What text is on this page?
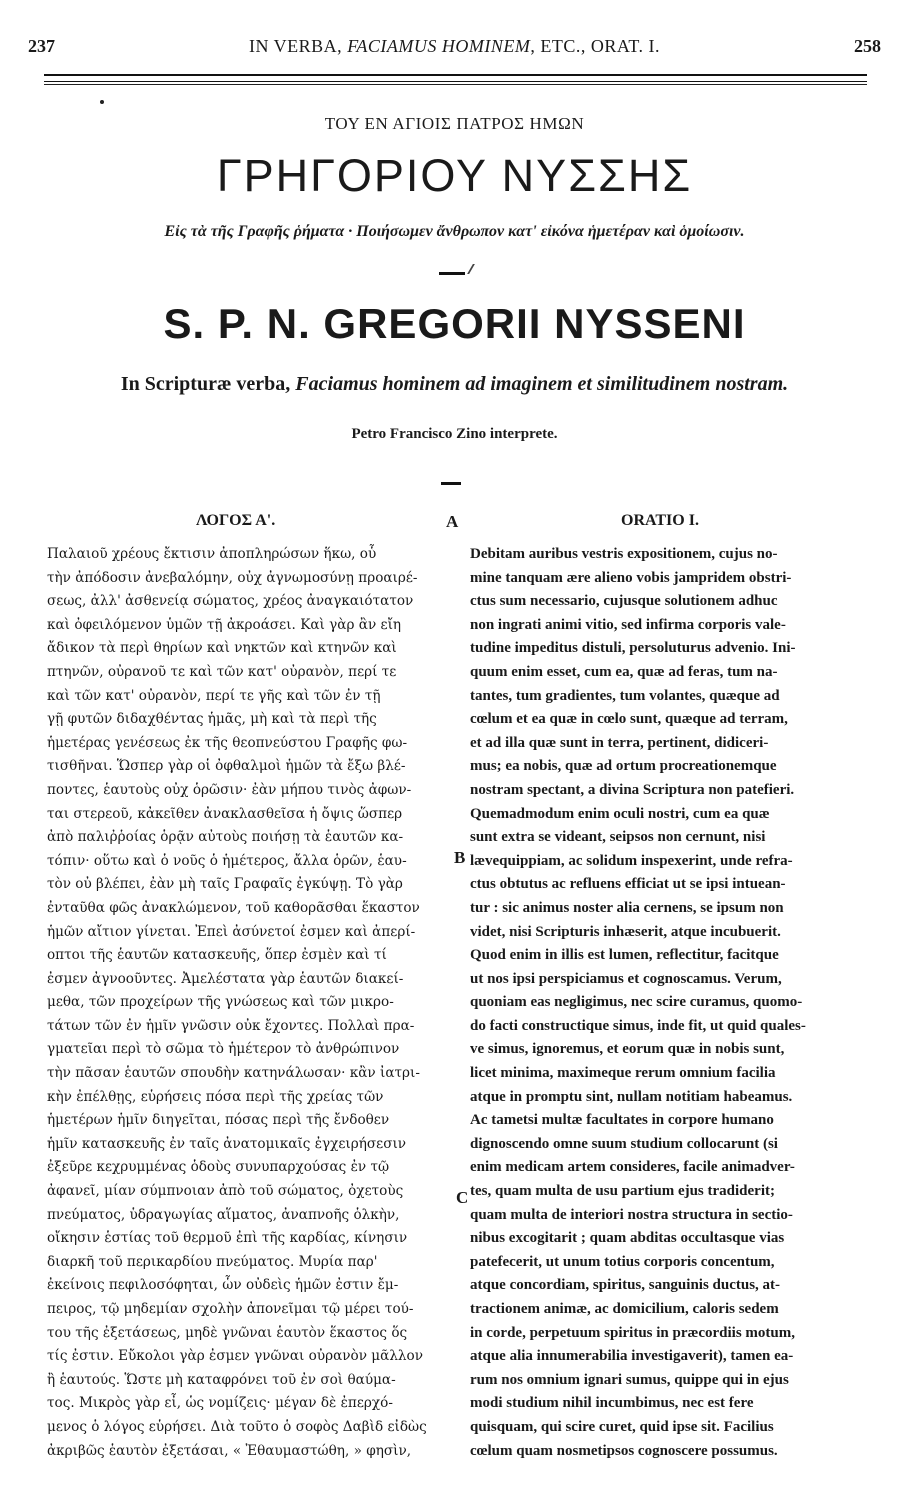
237	IN VERBA, FACIAMUS HOMINEM, ETC., ORAT. I.	258
ΤΟΥ ΕΝ ΑΓΙΟΙΣ ΠΑΤΡΟΣ ΗΜΩΝ
ΓΡΗΓΟΡΙΟΥ ΝΥΣΣΗΣ
Εἰς τὰ τῆς Γραφῆς ῥήματα · Ποιήσωμεν ἄνθρωπον κατ' εἰκόνα ἡμετέραν καὶ ὁμοίωσιν.
S. P. N. GREGORII NYSSENI
In Scripturæ verba, Faciamus hominem ad imaginem et similitudinem nostram.
Petro Francisco Zino interprete.
ΛΟΓΟΣ Α'.	ORATIO I.
A
B
C
Παλαιοῦ χρέους ἔκτισιν ἀποπληρώσων ἥκω, οὗ
τὴν ἀπόδοσιν ἀνεβαλόμην, οὐχ ἀγνωμοσύνῃ προαιρέ-
σεως, ἀλλ' ἀσθενείᾳ σώματος, χρέος ἀναγκαιότατον
καὶ ὀφειλόμενον ὑμῶν τῇ ἀκροάσει. Καὶ γὰρ ἂν εἴη
ἄδικον τὰ περὶ θηρίων καὶ νηκτῶν καὶ κτηνῶν καὶ
πτηνῶν, οὐρανοῦ τε καὶ τῶν κατ' οὐρανὸν, περί τε
καὶ τῶν κατ' οὐρανὸν, περί τε γῆς καὶ τῶν ἐν τῇ
γῇ φυτῶν διδαχθέντας ἡμᾶς, μὴ καὶ τὰ περὶ τῆς
ἡμετέρας γενέσεως ἐκ τῆς θεοπνεύστου Γραφῆς φω-
τισθῆναι. Ὥσπερ γὰρ οἱ ὀφθαλμοὶ ἡμῶν τὰ ἔξω βλέ-
ποντες, ἑαυτοὺς οὐχ ὁρῶσιν· ἐὰν μήπου τινὸς ἀφων-
ται στερεοῦ, κἀκεῖθεν ἀνακλασθεῖσα ἡ ὄψις ὥσπερ
ἀπὸ παλιῤῥοίας ὁρᾷν αὐτοὺς ποιήσῃ τὰ ἑαυτῶν κα-
τόπιν· οὕτω καὶ ὁ νοῦς ὁ ἡμέτερος, ἄλλα ὁρῶν, ἑαυ-
τὸν οὐ βλέπει, ἐὰν μὴ ταῖς Γραφαῖς ἐγκύψῃ. Τὸ γὰρ
ἐνταῦθα φῶς ἀνακλώμενον, τοῦ καθορᾶσθαι ἕκαστον
ἡμῶν αἴτιον γίνεται. Ἐπεὶ ἀσύνετοί ἐσμεν καὶ ἀπερί-
οπτοι τῆς ἑαυτῶν κατασκευῆς, ὅπερ ἐσμὲν καὶ τί
ἐσμεν ἀγνοοῦντες. Ἀμελέστατα γὰρ ἑαυτῶν διακεί-
μεθα, τῶν προχείρων τῆς γνώσεως καὶ τῶν μικρο-
τάτων τῶν ἐν ἡμῖν γνῶσιν οὐκ ἔχοντες. Πολλαὶ πρα-
γματεῖαι περὶ τὸ σῶμα τὸ ἡμέτερον τὸ ἀνθρώπινον
τὴν πᾶσαν ἑαυτῶν σπουδὴν κατηνάλωσαν· κἂν ἰατρι-
κὴν ἐπέλθῃς, εὑρήσεις πόσα περὶ τῆς χρείας τῶν
ἡμετέρων ἡμῖν διηγεῖται, πόσας περὶ τῆς ἔνδοθεν
ἡμῖν κατασκευῆς ἐν ταῖς ἀνατομικαῖς ἐγχειρήσεσιν
ἐξεῦρε κεχρυμμένας ὁδοὺς συνυπαρχούσας ἐν τῷ
ἀφανεῖ, μίαν σύμπνοιαν ἀπὸ τοῦ σώματος, ὀχετοὺς
πνεύματος, ὑδραγωγίας αἵματος, ἀναπνοῆς ὁλκὴν,
οἴκησιν ἑστίας τοῦ θερμοῦ ἐπὶ τῆς καρδίας, κίνησιν
διαρκῆ τοῦ περικαρδίου πνεύματος. Μυρία παρ'
ἐκείνοις πεφιλοσόφηται, ὧν οὐδεὶς ἡμῶν ἐστιν ἔμ-
πειρος, τῷ μηδεμίαν σχολὴν ἀπονεῖμαι τῷ μέρει τού-
του τῆς ἐξετάσεως, μηδὲ γνῶναι ἑαυτὸν ἕκαστος ὅς
τίς ἐστιν. Εὔκολοι γὰρ ἐσμεν γνῶναι οὐρανὸν μᾶλλον
ἢ ἑαυτούς. Ὥστε μὴ καταφρόνει τοῦ ἐν σοὶ θαύμα-
τος. Μικρὸς γὰρ εἶ, ὡς νομίζεις· μέγαν δὲ ἐπερχό-
μενος ὁ λόγος εὑρήσει. Διὰ τοῦτο ὁ σοφὸς Δαβὶδ εἰδὼς
ἀκριβῶς ἑαυτὸν ἐξετάσαι, « Ἐθαυμαστώθη, » φησὶν,
Debitam auribus vestris expositionem, cujus no-
mine tanquam ære alieno vobis jampridem obstri-
ctus sum necessario, cujusque solutionem adhuc
non ingrati animi vitio, sed infirma corporis vale-
tudine impeditus distuli, persoluturus advenio. Ini-
quum enim esset, cum ea, quæ ad feras, tum na-
tantes, tum gradientes, tum volantes, quæque ad
cœlum et ea quæ in cœlo sunt, quæque ad terram,
et ad illa quæ sunt in terra, pertinent, didiceri-
mus; ea nobis, quæ ad ortum procreationemque
nostram spectant, a divina Scriptura non patefieri.
Quemadmodum enim oculi nostri, cum ea quæ
sunt extra se videant, seipsos non cernunt, nisi
lævequippiam, ac solidum inspexerint, unde refra-
ctus obtutus ac refluens efficiat ut se ipsi intuean-
tur : sic animus noster alia cernens, se ipsum non
videt, nisi Scripturis inhæserit, atque incubuerit.
Quod enim in illis est lumen, reflectitur, facitque
ut nos ipsi perspiciamus et cognoscamus. Verum,
quoniam eas negligimus, nec scire curamus, quomo-
do facti constructique simus, inde fit, ut quid quales-
ve simus, ignoremus, et eorum quæ in nobis sunt,
licet minima, maximeque rerum omnium facilia
atque in promptu sint, nullam notitiam habeamus.
Ac tametsi multæ facultates in corpore humano
dignoscendo omne suum studium collocarunt (si
enim medicam artem consideres, facile animadver-
tes, quam multa de usu partium ejus tradiderit;
quam multa de interiori nostra structura in sectio-
nibus excogitarit ; quam abditas occultasque vias
patefecerit, ut unum totius corporis concentum,
atque concordiam, spiritus, sanguinis ductus, at-
tractionem animæ, ac domicilium, caloris sedem
in corde, perpetuum spiritus in præcordiis motum,
atque alia innumerabilia investigaverit), tamen ea-
rum nos omnium ignari sumus, quippe qui in ejus
modi studium nihil incumbimus, nec est fere
quisquam, qui scire curet, quid ipse sit. Facilius
cœlum quam nosmetipsos cognoscere possumus.
